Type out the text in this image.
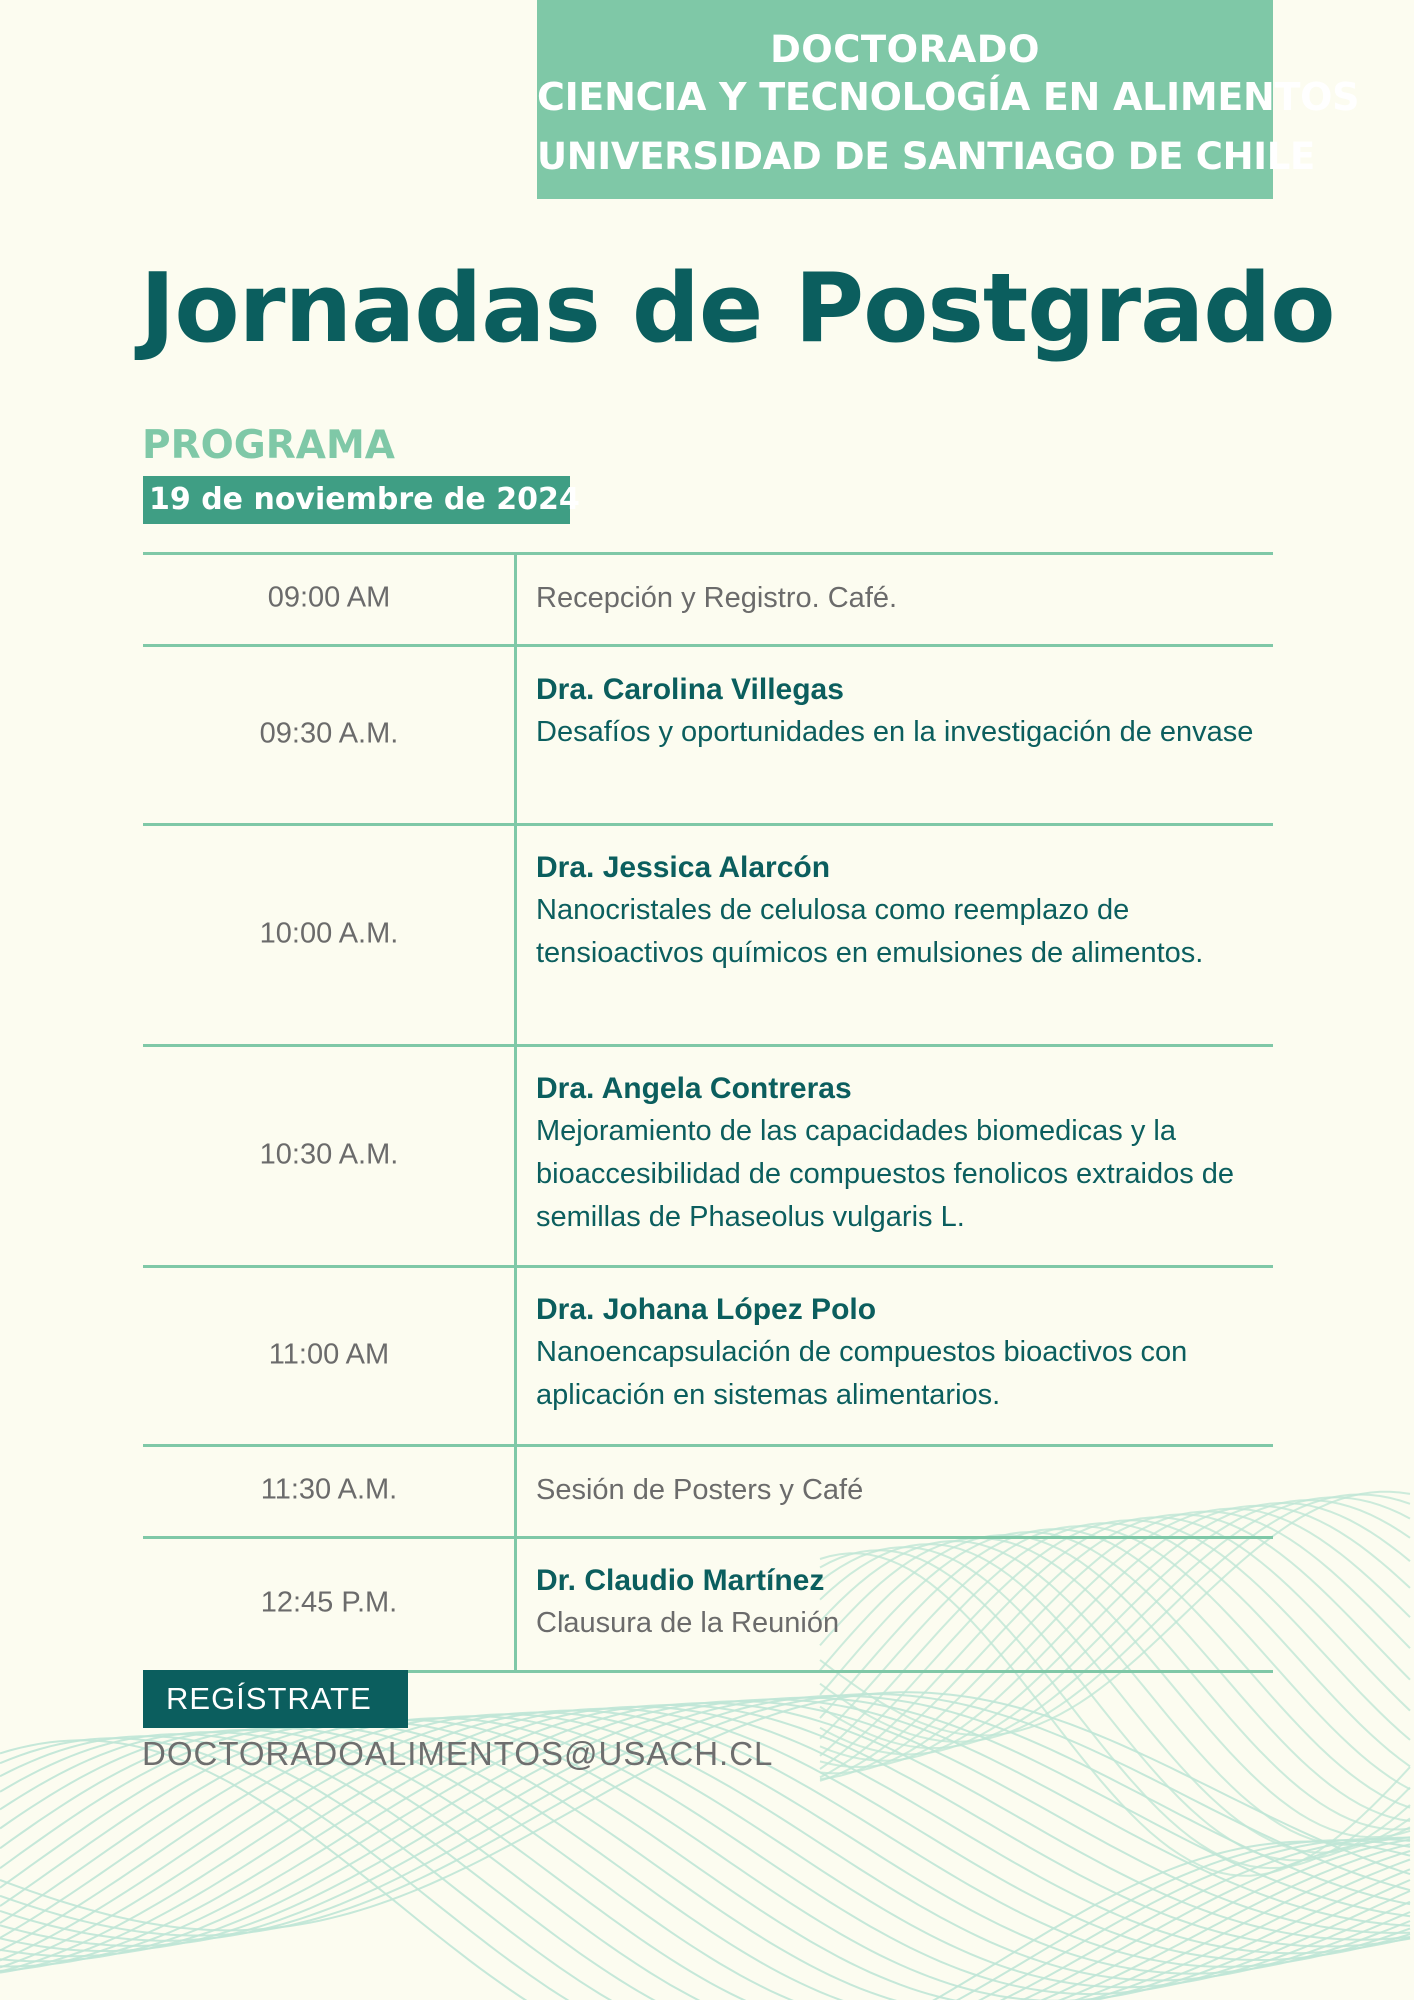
DOCTORADO
CIENCIA Y TECNOLOGÍA EN ALIMENTOS
UNIVERSIDAD DE SANTIAGO DE CHILE
Jornadas de Postgrado
PROGRAMA
19 de noviembre de 2024
09:00 AM	Recepción y Registro. Café.
09:30 A.M.
Dra. Carolina Villegas
Desafíos y oportunidades en la investigación de envase
10:00 A.M.
Dra. Jessica Alarcón
Nanocristales de celulosa como reemplazo de tensioactivos químicos en emulsiones de alimentos.
10:30 A.M.
Dra. Angela Contreras
Mejoramiento de las capacidades biomedicas y la bioaccesibilidad de compuestos fenolicos extraidos de semillas de Phaseolus vulgaris L.
11:00 AM
Dra. Johana López Polo
Nanoencapsulación de compuestos bioactivos con aplicación en sistemas alimentarios.
11:30 A.M.	Sesión de Posters y Café
12:45 P.M.
Dr. Claudio Martínez
Clausura de la Reunión
REGÍSTRATE
DOCTORADOALIMENTOS@USACH.CL
